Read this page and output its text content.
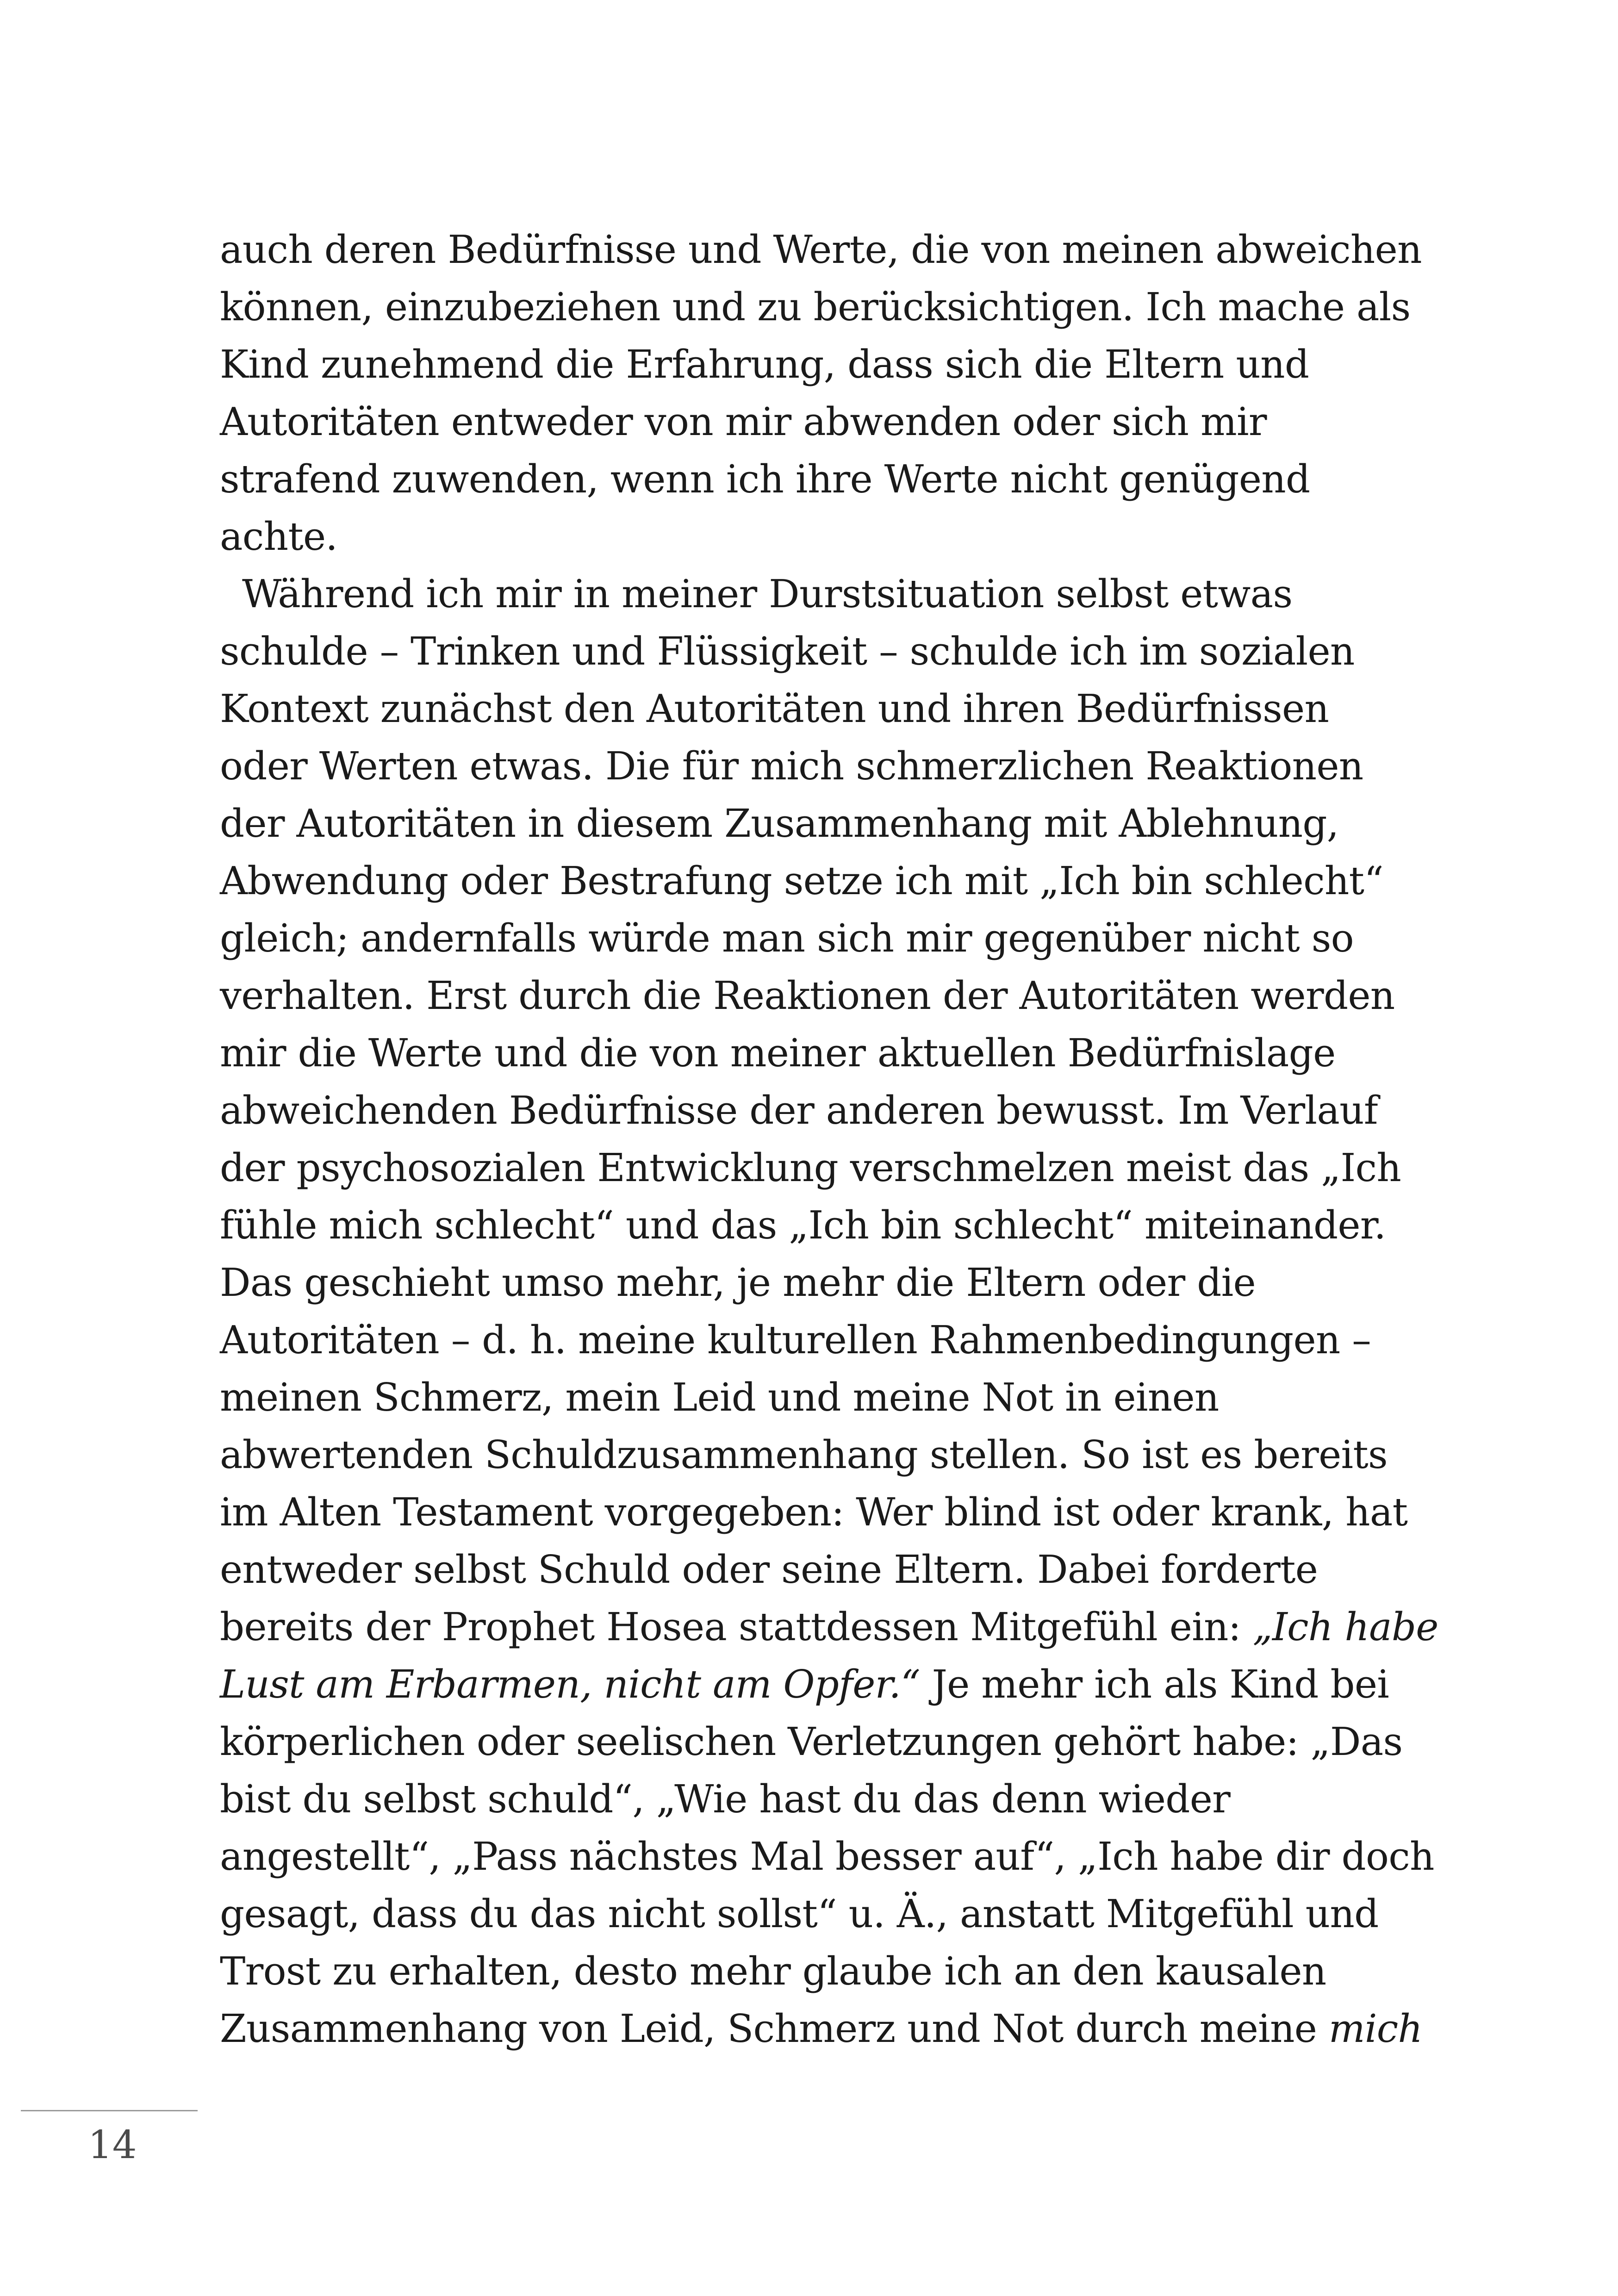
auch deren Bedürfnisse und Werte, die von meinen abweichen
können, einzubeziehen und zu berücksichtigen. Ich mache als
Kind zunehmend die Erfahrung, dass sich die Eltern und
Autoritäten entweder von mir abwenden oder sich mir
strafend zuwenden, wenn ich ihre Werte nicht genügend
achte.
Während ich mir in meiner Durstsituation selbst etwas
schulde – Trinken und Flüssigkeit – schulde ich im sozialen
Kontext zunächst den Autoritäten und ihren Bedürfnissen
oder Werten etwas. Die für mich schmerzlichen Reaktionen
der Autoritäten in diesem Zusammenhang mit Ablehnung,
Abwendung oder Bestrafung setze ich mit „Ich bin schlecht“
gleich; andernfalls würde man sich mir gegenüber nicht so
verhalten. Erst durch die Reaktionen der Autoritäten werden
mir die Werte und die von meiner aktuellen Bedürfnislage
abweichenden Bedürfnisse der anderen bewusst. Im Verlauf
der psychosozialen Entwicklung verschmelzen meist das „Ich
fühle mich schlecht“ und das „Ich bin schlecht“ miteinander.
Das geschieht umso mehr, je mehr die Eltern oder die
Autoritäten – d. h. meine kulturellen Rahmenbedingungen –
meinen Schmerz, mein Leid und meine Not in einen
abwertenden Schuldzusammenhang stellen. So ist es bereits
im Alten Testament vorgegeben: Wer blind ist oder krank, hat
entweder selbst Schuld oder seine Eltern. Dabei forderte
bereits der Prophet Hosea stattdessen Mitgefühl ein: „Ich habe
Lust am Erbarmen, nicht am Opfer.“ Je mehr ich als Kind bei
körperlichen oder seelischen Verletzungen gehört habe: „Das
bist du selbst schuld“, „Wie hast du das denn wieder
angestellt“, „Pass nächstes Mal besser auf“, „Ich habe dir doch
gesagt, dass du das nicht sollst“ u. Ä., anstatt Mitgefühl und
Trost zu erhalten, desto mehr glaube ich an den kausalen
Zusammenhang von Leid, Schmerz und Not durch meine mich
14
